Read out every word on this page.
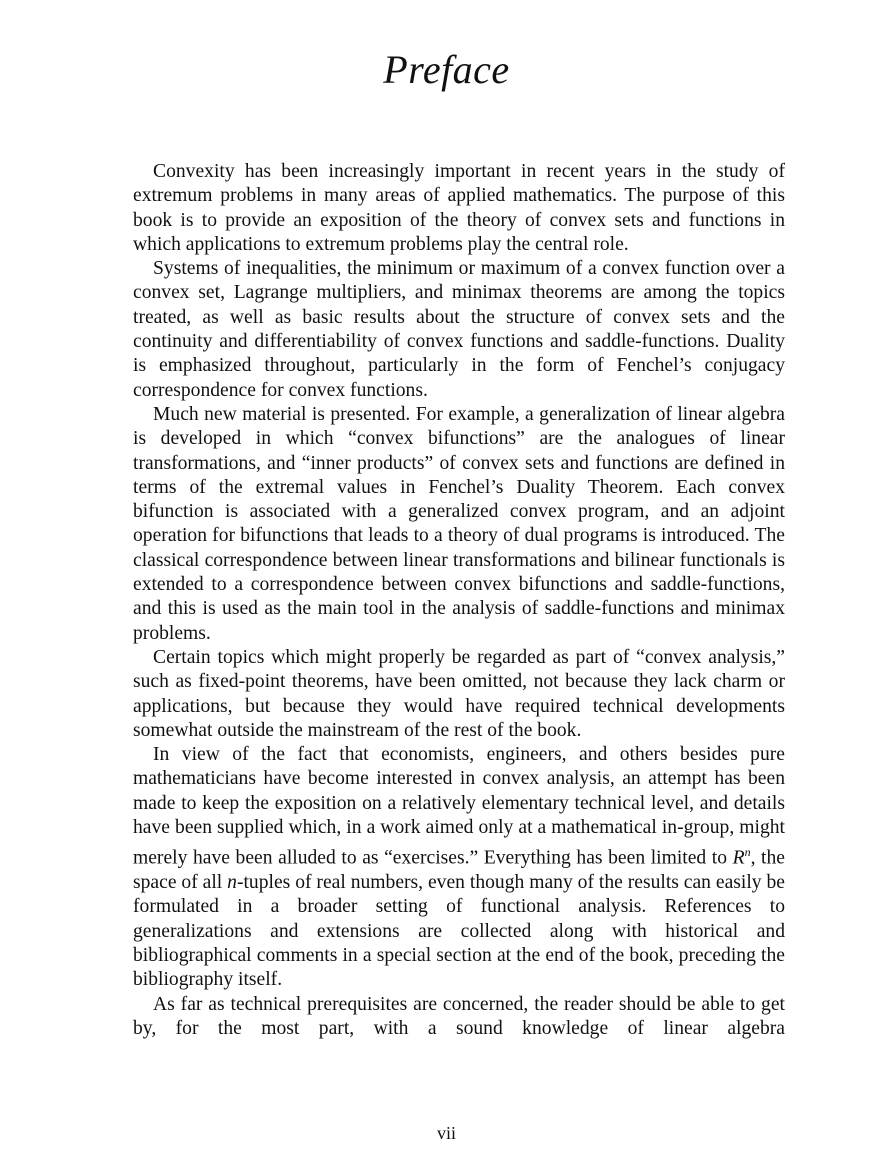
Preface

Convexity has been increasingly important in recent years in the study of extremum problems in many areas of applied mathematics. The purpose of this book is to provide an exposition of the theory of convex sets and functions in which applications to extremum problems play the central role.

Systems of inequalities, the minimum or maximum of a convex function over a convex set, Lagrange multipliers, and minimax theorems are among the topics treated, as well as basic results about the structure of convex sets and the continuity and differentiability of convex functions and saddle-functions. Duality is emphasized throughout, particularly in the form of Fenchel’s conjugacy correspondence for convex functions.

Much new material is presented. For example, a generalization of linear algebra is developed in which “convex bifunctions” are the analogues of linear transformations, and “inner products” of convex sets and functions are defined in terms of the extremal values in Fenchel’s Duality Theorem. Each convex bifunction is associated with a generalized convex program, and an adjoint operation for bifunctions that leads to a theory of dual programs is introduced. The classical correspondence between linear transformations and bilinear functionals is extended to a correspondence between convex bifunctions and saddle-functions, and this is used as the main tool in the analysis of saddle-functions and minimax problems.

Certain topics which might properly be regarded as part of “convex analysis,” such as fixed-point theorems, have been omitted, not because they lack charm or applications, but because they would have required technical developments somewhat outside the mainstream of the rest of the book.

In view of the fact that economists, engineers, and others besides pure mathematicians have become interested in convex analysis, an attempt has been made to keep the exposition on a relatively elementary technical level, and details have been supplied which, in a work aimed only at a mathematical in-group, might merely have been alluded to as “exercises.” Everything has been limited to $R^n$, the space of all n-tuples of real numbers, even though many of the results can easily be formulated in a broader setting of functional analysis. References to generalizations and extensions are collected along with historical and bibliographical comments in a special section at the end of the book, preceding the bibliography itself.

As far as technical prerequisites are concerned, the reader should be able to get by, for the most part, with a sound knowledge of linear algebra

vii
